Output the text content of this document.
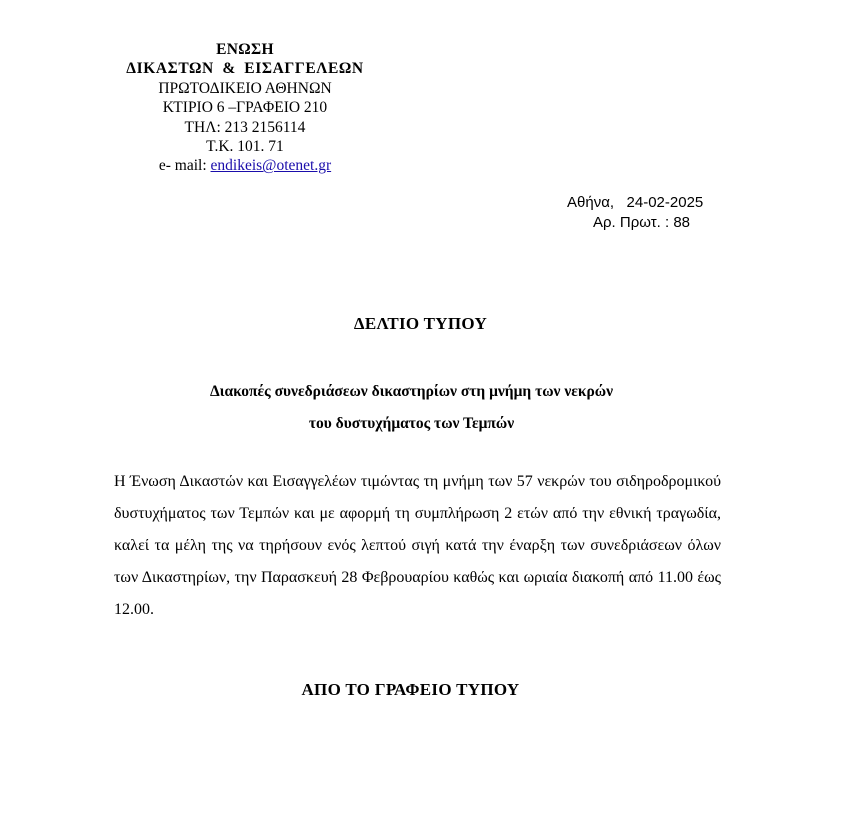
ΕΝΩΣΗ
ΔΙΚΑΣΤΩΝ & ΕΙΣΑΓΓΕΛΕΩΝ
ΠΡΩΤΟΔΙΚΕΙΟ ΑΘΗΝΩΝ
ΚΤΙΡΙΟ 6 –ΓΡΑΦΕΙΟ 210
ΤΗΛ: 213 2156114
Τ.Κ. 101. 71
e- mail: endikeis@otenet.gr
Αθήνα,   24-02-2025
Αρ. Πρωτ. : 88
ΔΕΛΤΙΟ ΤΥΠΟΥ
Διακοπές συνεδριάσεων δικαστηρίων στη μνήμη των νεκρών
του δυστυχήματος των Τεμπών
Η Ένωση Δικαστών και Εισαγγελέων τιμώντας τη μνήμη των 57 νεκρών του σιδηροδρομικού δυστυχήματος των Τεμπών και με αφορμή τη συμπλήρωση 2 ετών από την εθνική τραγωδία, καλεί τα μέλη της να τηρήσουν ενός λεπτού σιγή κατά την έναρξη των συνεδριάσεων όλων των Δικαστηρίων, την Παρασκευή 28 Φεβρουαρίου καθώς και ωριαία διακοπή από 11.00 έως 12.00.
ΑΠΟ ΤΟ ΓΡΑΦΕΙΟ ΤΥΠΟΥ
